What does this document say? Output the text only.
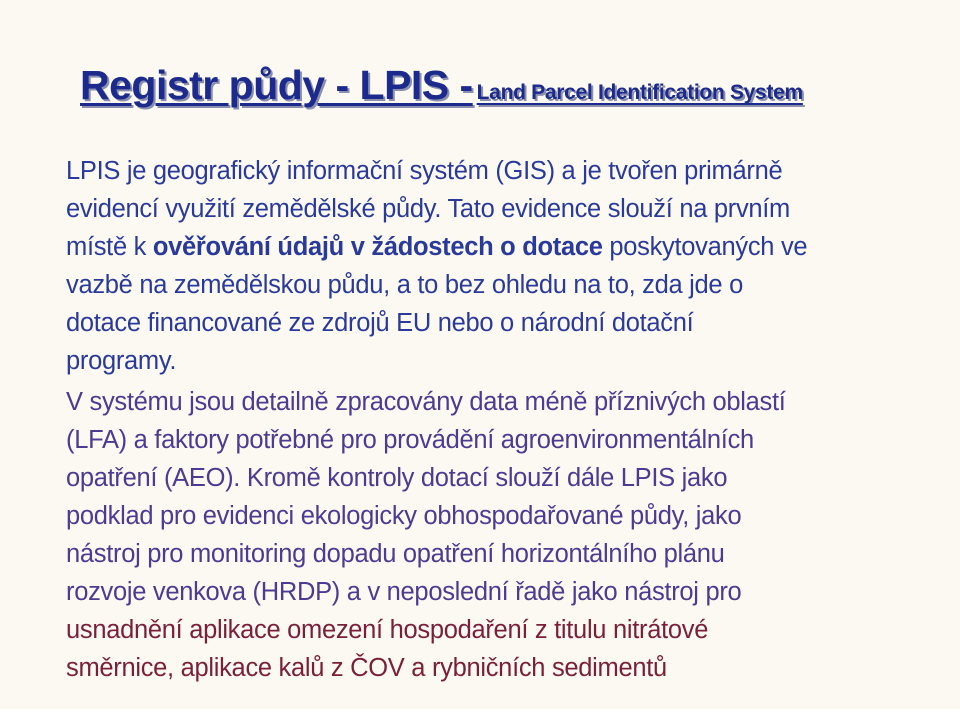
Registr půdy - LPIS - Land Parcel Identification System
LPIS je geografický informační systém (GIS) a je tvořen primárně
evidencí využití zemědělské půdy. Tato evidence slouží na prvním
místě k ověřování údajů v žádostech o dotace poskytovaných ve
vazbě na zemědělskou půdu, a to bez ohledu na to, zda jde o
dotace financované ze zdrojů EU nebo o národní dotační
programy.
V systému jsou detailně zpracovány data méně příznivých oblastí
(LFA) a faktory potřebné pro provádění agroenvironmentálních
opatření (AEO). Kromě kontroly dotací slouží dále LPIS jako
podklad pro evidenci ekologicky obhospodařované půdy, jako
nástroj pro monitoring dopadu opatření horizontálního plánu
rozvoje venkova (HRDP) a v neposlední řadě jako nástroj pro
usnadnění aplikace omezení hospodaření z titulu nitrátové
směrnice, aplikace kalů z ČOV a rybničních sedimentů
